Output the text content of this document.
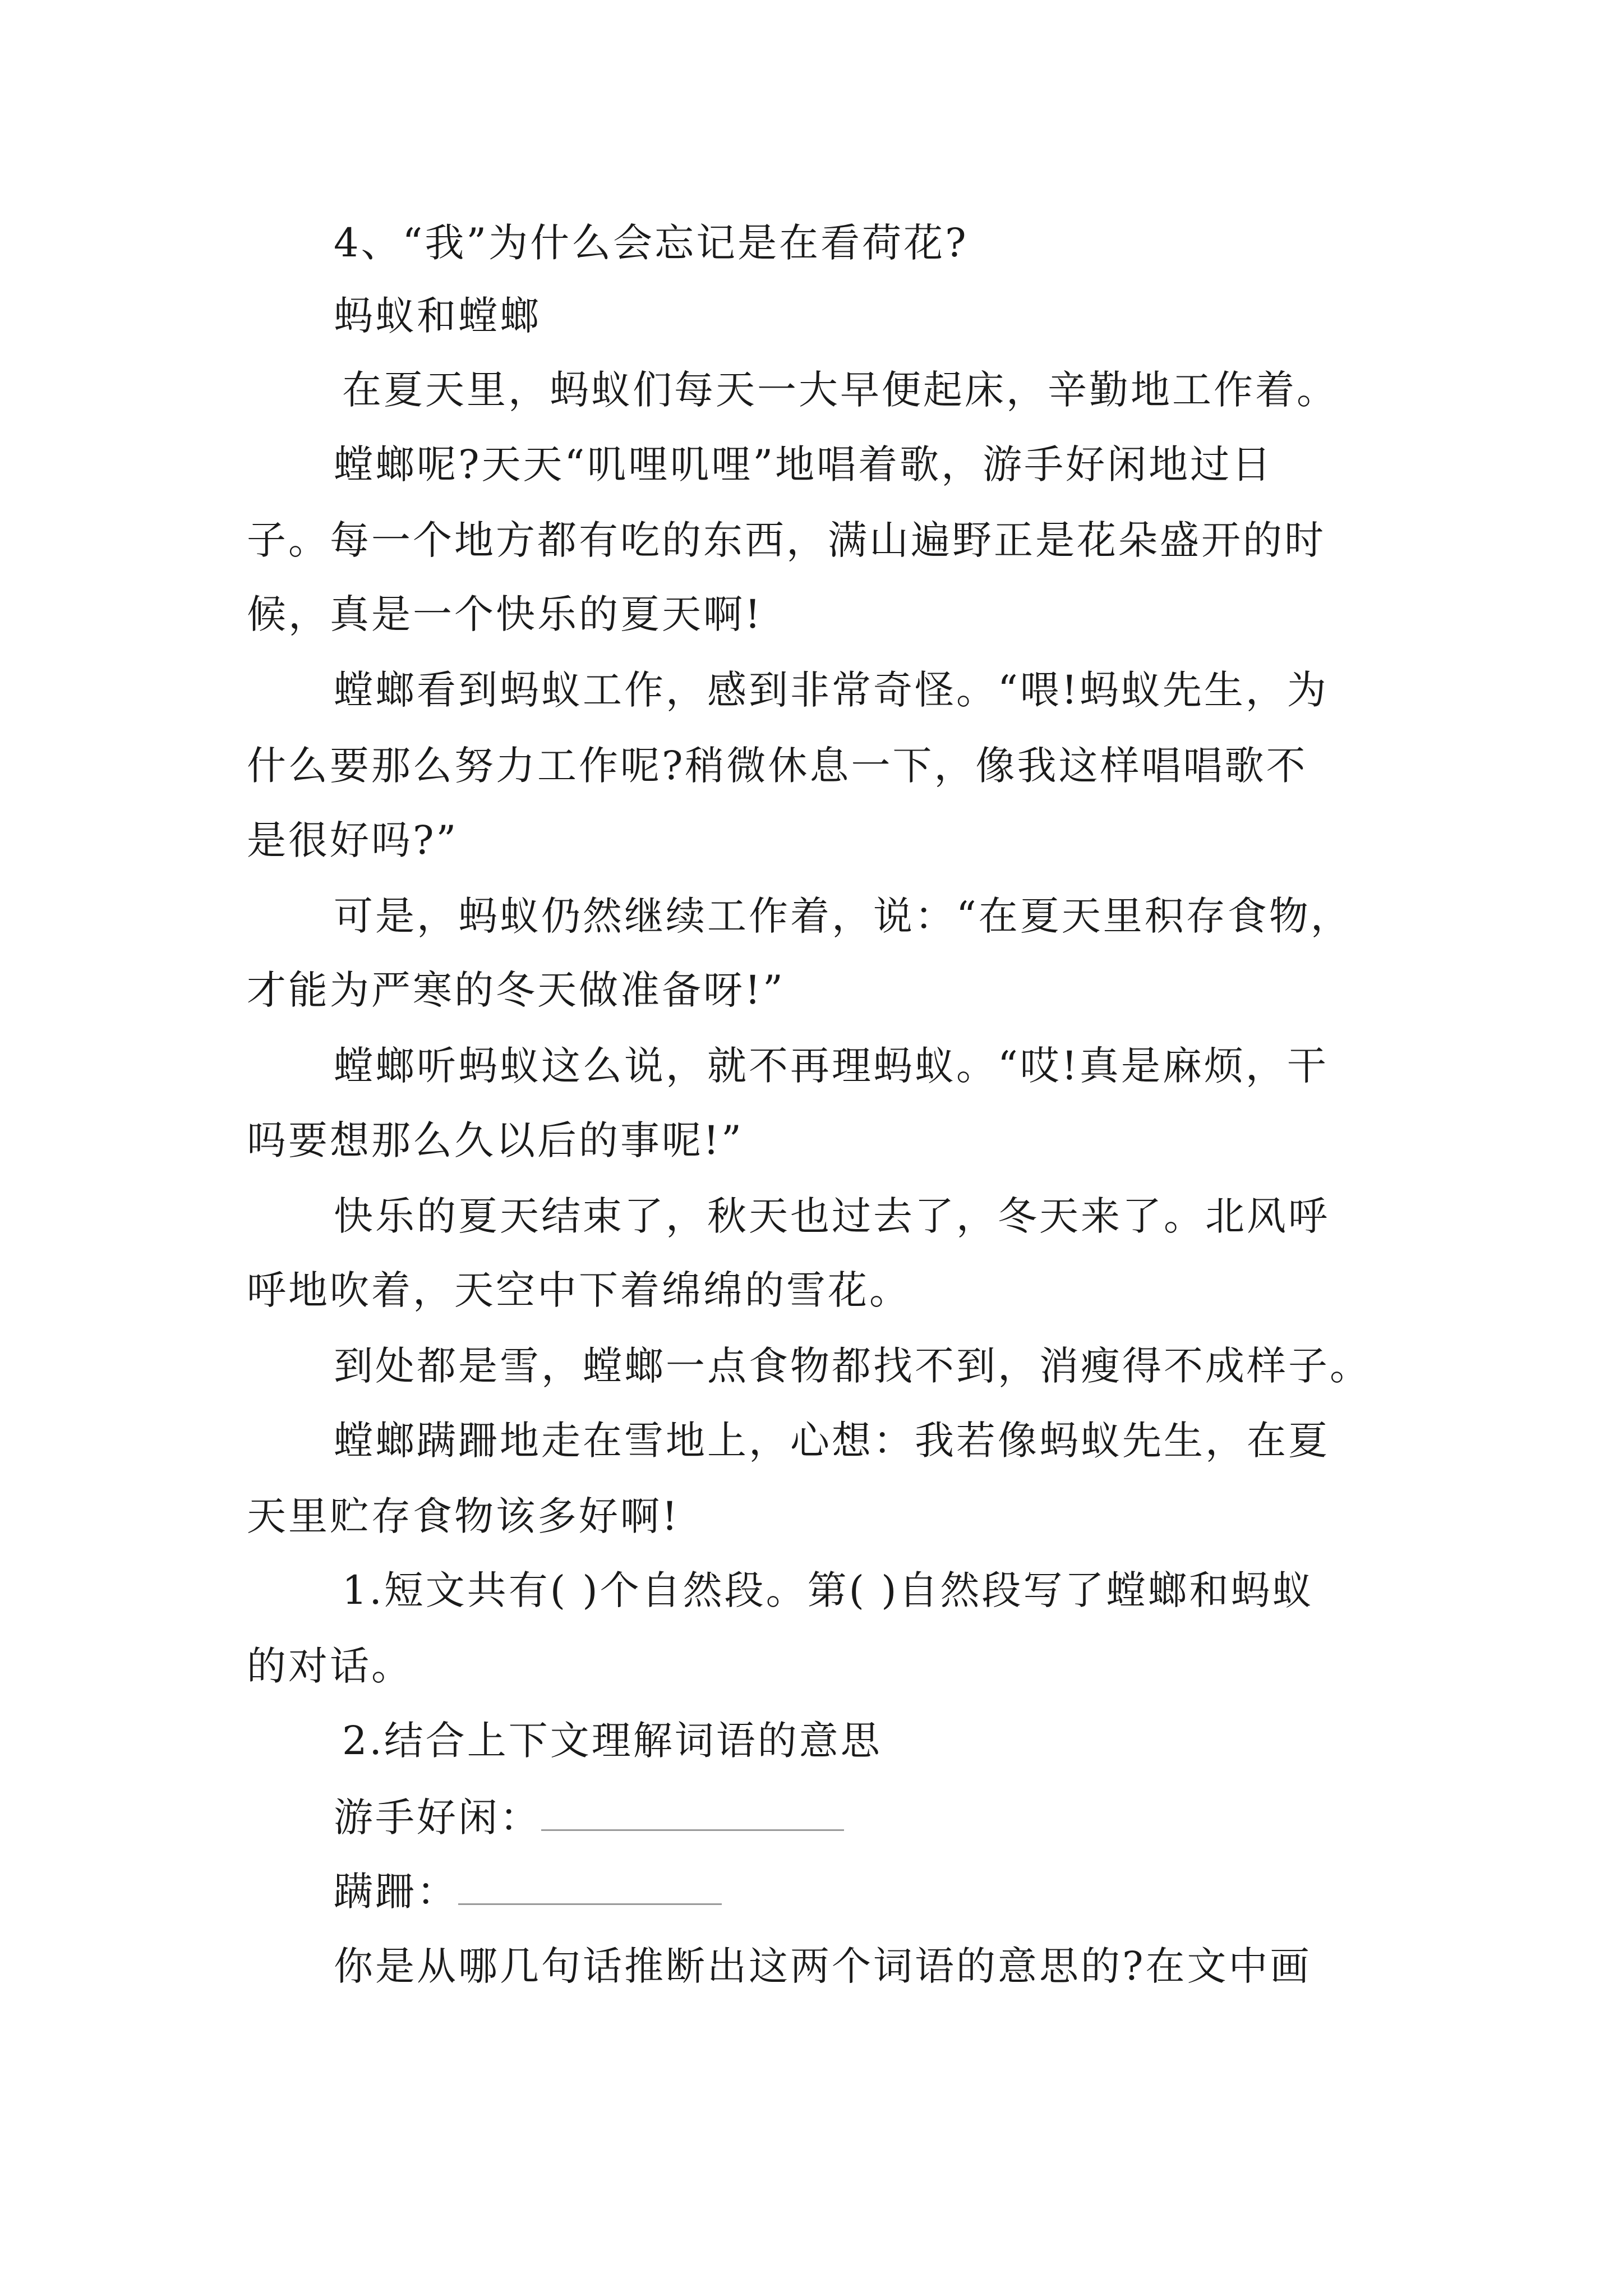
4、“我”为什么会忘记是在看荷花?
蚂蚁和螳螂
在夏天里，蚂蚁们每天一大早便起床，辛勤地工作着。
螳螂呢?天天“叽哩叽哩”地唱着歌，游手好闲地过日
子。每一个地方都有吃的东西，满山遍野正是花朵盛开的时
候，真是一个快乐的夏天啊!
螳螂看到蚂蚁工作，感到非常奇怪。“喂!蚂蚁先生，为
什么要那么努力工作呢?稍微休息一下，像我这样唱唱歌不
是很好吗?”
可是，蚂蚁仍然继续工作着，说：“在夏天里积存食物，
才能为严寒的冬天做准备呀!”
螳螂听蚂蚁这么说，就不再理蚂蚁。“哎!真是麻烦，干
吗要想那么久以后的事呢!”
快乐的夏天结束了，秋天也过去了，冬天来了。北风呼
呼地吹着，天空中下着绵绵的雪花。
到处都是雪，螳螂一点食物都找不到，消瘦得不成样子。
螳螂蹒跚地走在雪地上，心想：我若像蚂蚁先生，在夏
天里贮存食物该多好啊!
1.短文共有( )个自然段。第( )自然段写了螳螂和蚂蚁
的对话。
2.结合上下文理解词语的意思
游手好闲：
蹒跚：
你是从哪几句话推断出这两个词语的意思的?在文中画
